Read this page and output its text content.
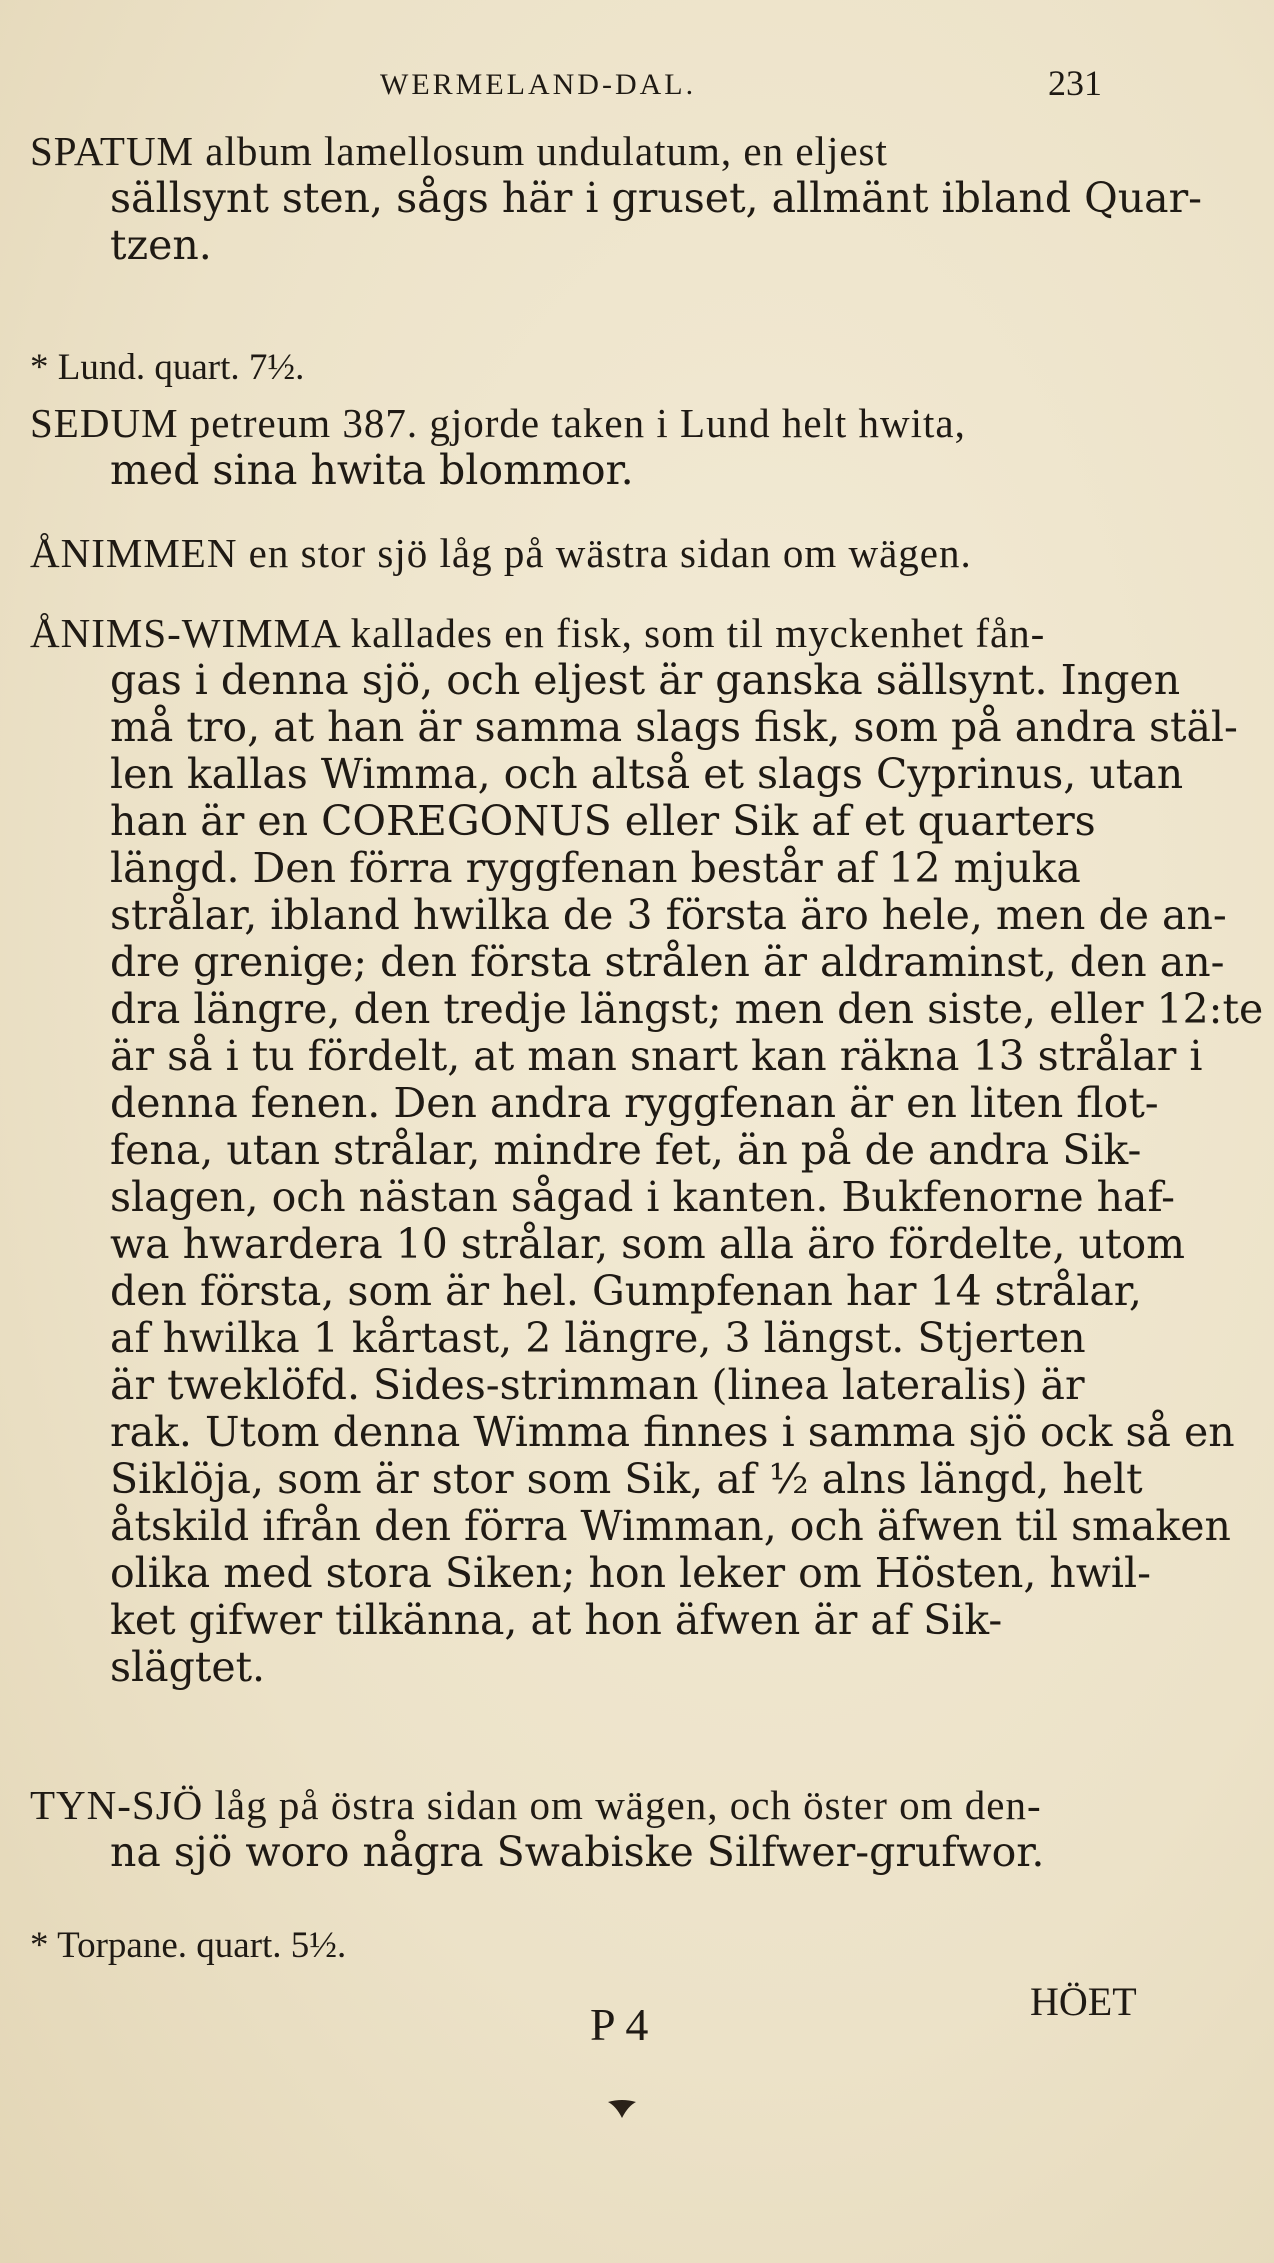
WERMELAND-DAL.	231
SPATUM album lamellosum undulatum, en eljest
sällsynt sten, sågs här i gruset, allmänt ibland Quar-
tzen.
* Lund. quart. 7½.
SEDUM petreum 387. gjorde taken i Lund helt hwita,
med sina hwita blommor.
ÅNIMMEN en stor sjö låg på wästra sidan om wägen.
ÅNIMS-WIMMA kallades en fisk, som til myckenhet fån-
gas i denna sjö, och eljest är ganska sällsynt. Ingen
må tro, at han är samma slags fisk, som på andra stäl-
len kallas Wimma, och altså et slags Cyprinus, utan
han är en COREGONUS eller Sik af et quarters
längd. Den förra ryggfenan består af 12 mjuka
strålar, ibland hwilka de 3 första äro hele, men de an-
dre grenige; den första strålen är aldraminst, den an-
dra längre, den tredje längst; men den siste, eller 12:te
är så i tu fördelt, at man snart kan räkna 13 strålar i
denna fenen. Den andra ryggfenan är en liten flot-
fena, utan strålar, mindre fet, än på de andra Sik-
slagen, och nästan sågad i kanten. Bukfenorne haf-
wa hwardera 10 strålar, som alla äro fördelte, utom
den första, som är hel. Gumpfenan har 14 strålar,
af hwilka 1 kårtast, 2 längre, 3 längst. Stjerten
är tweklöfd. Sides-strimman (linea lateralis) är
rak. Utom denna Wimma finnes i samma sjö ock så en
Siklöja, som är stor som Sik, af ½ alns längd, helt
åtskild ifrån den förra Wimman, och äfwen til smaken
olika med stora Siken; hon leker om Hösten, hwil-
ket gifwer tilkänna, at hon äfwen är af Sik-
slägtet.
TYN-SJÖ låg på östra sidan om wägen, och öster om den-
na sjö woro några Swabiske Silfwer-grufwor.
* Torpane. quart. 5½.
P 4	HÖET
